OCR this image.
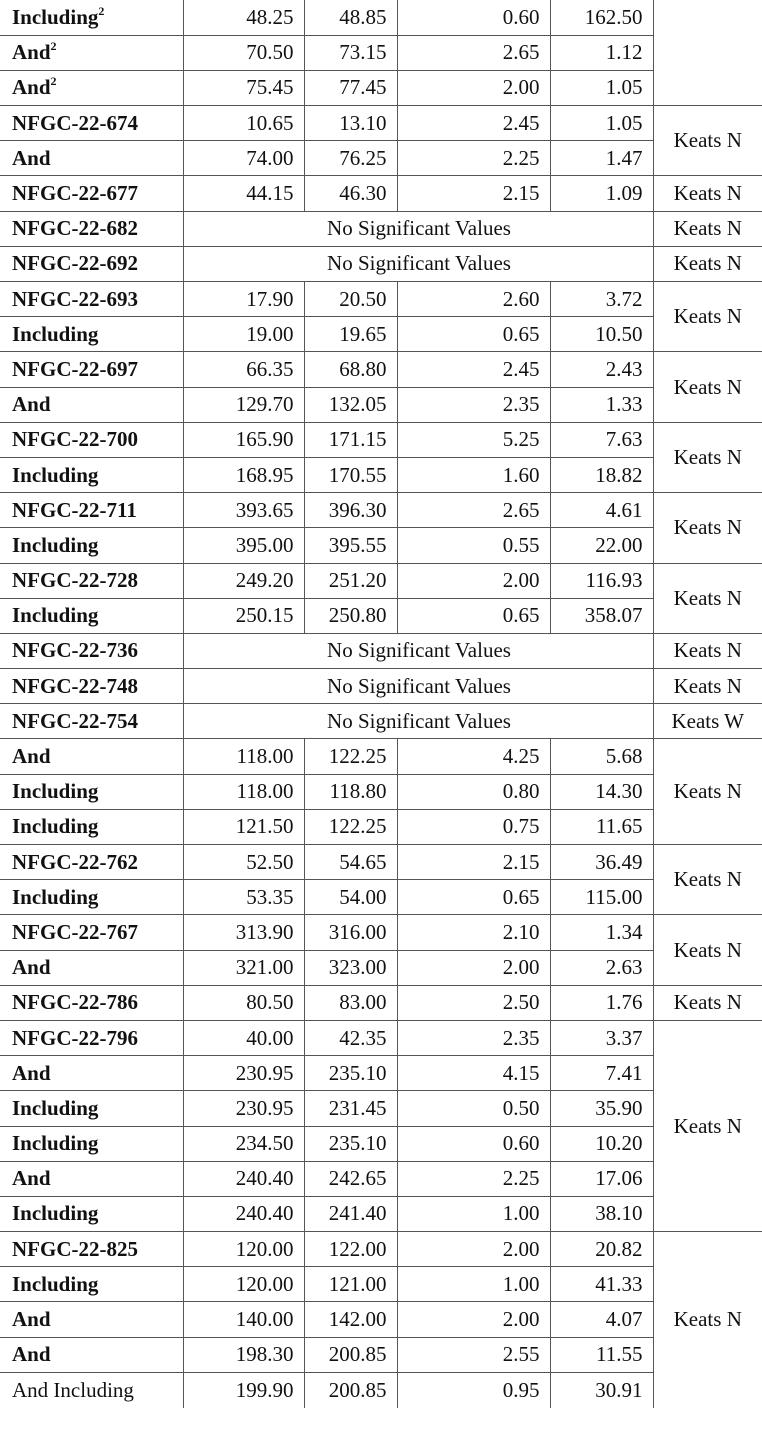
Including$^2$	48.25	48.85	0.60	162.50	
And$^2$	70.50	73.15	2.65	1.12	
And$^2$	75.45	77.45	2.00	1.05	
NFGC-22-674	10.65	13.10	2.45	1.05	Keats N
And	74.00	76.25	2.25	1.47	
NFGC-22-677	44.15	46.30	2.15	1.09	Keats N
NFGC-22-682	No Significant Values				Keats N
NFGC-22-692	No Significant Values				Keats N
NFGC-22-693	17.90	20.50	2.60	3.72	Keats N
Including	19.00	19.65	0.65	10.50	
NFGC-22-697	66.35	68.80	2.45	2.43	Keats N
And	129.70	132.05	2.35	1.33	
NFGC-22-700	165.90	171.15	5.25	7.63	Keats N
Including	168.95	170.55	1.60	18.82	
NFGC-22-711	393.65	396.30	2.65	4.61	Keats N
Including	395.00	395.55	0.55	22.00	
NFGC-22-728	249.20	251.20	2.00	116.93	Keats N
Including	250.15	250.80	0.65	358.07	
NFGC-22-736	No Significant Values				Keats N
NFGC-22-748	No Significant Values				Keats N
NFGC-22-754	No Significant Values				Keats W
And	118.00	122.25	4.25	5.68	Keats N
Including	118.00	118.80	0.80	14.30	
Including	121.50	122.25	0.75	11.65	
NFGC-22-762	52.50	54.65	2.15	36.49	Keats N
Including	53.35	54.00	0.65	115.00	
NFGC-22-767	313.90	316.00	2.10	1.34	Keats N
And	321.00	323.00	2.00	2.63	
NFGC-22-786	80.50	83.00	2.50	1.76	Keats N
NFGC-22-796	40.00	42.35	2.35	3.37	Keats N
And	230.95	235.10	4.15	7.41	
Including	230.95	231.45	0.50	35.90	
Including	234.50	235.10	0.60	10.20	
And	240.40	242.65	2.25	17.06	
Including	240.40	241.40	1.00	38.10	
NFGC-22-825	120.00	122.00	2.00	20.82	Keats N
Including	120.00	121.00	1.00	41.33	
And	140.00	142.00	2.00	4.07	
And	198.30	200.85	2.55	11.55	
And Including	199.90	200.85	0.95	30.91	
